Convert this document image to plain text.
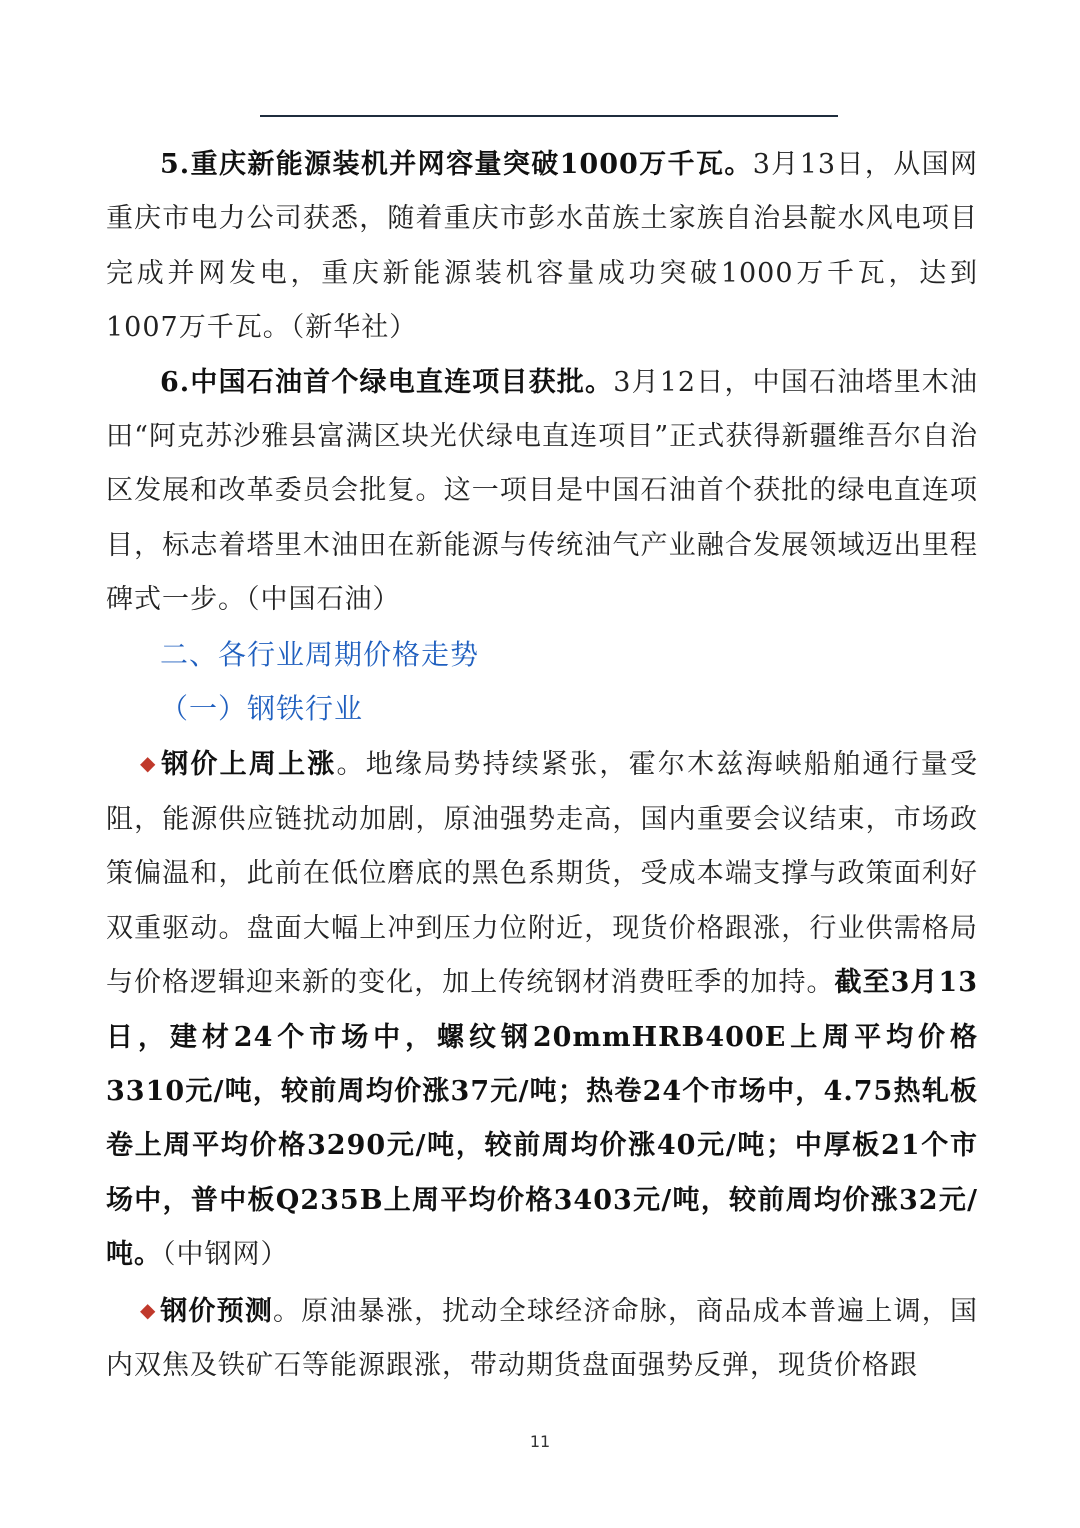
5.重庆新能源装机并网容量突破1000万千瓦。3月13日，从国网重庆市电力公司获悉，随着重庆市彭水苗族土家族自治县靛水风电项目完成并网发电，重庆新能源装机容量成功突破1000万千瓦，达到1007万千瓦。（新华社）

6.中国石油首个绿电直连项目获批。3月12日，中国石油塔里木油田“阿克苏沙雅县富满区块光伏绿电直连项目”正式获得新疆维吾尔自治区发展和改革委员会批复。这一项目是中国石油首个获批的绿电直连项目，标志着塔里木油田在新能源与传统油气产业融合发展领域迈出里程碑式一步。（中国石油）

二、各行业周期价格走势

（一）钢铁行业

◆ 钢价上周上涨。地缘局势持续紧张，霍尔木兹海峡船舶通行量受阻，能源供应链扰动加剧，原油强势走高，国内重要会议结束，市场政策偏温和，此前在低位磨底的黑色系期货，受成本端支撑与政策面利好双重驱动。盘面大幅上冲到压力位附近，现货价格跟涨，行业供需格局与价格逻辑迎来新的变化，加上传统钢材消费旺季的加持。截至3月13日，建材24个市场中，螺纹钢20mmHRB400E上周平均价格3310元/吨，较前周均价涨37元/吨；热卷24个市场中，4.75热轧板卷上周平均价格3290元/吨，较前周均价涨40元/吨；中厚板21个市场中，普中板Q235B上周平均价格3403元/吨，较前周均价涨32元/吨。（中钢网）

◆ 钢价预测。原油暴涨，扰动全球经济命脉，商品成本普遍上调，国内双焦及铁矿石等能源跟涨，带动期货盘面强势反弹，现货价格跟

11
